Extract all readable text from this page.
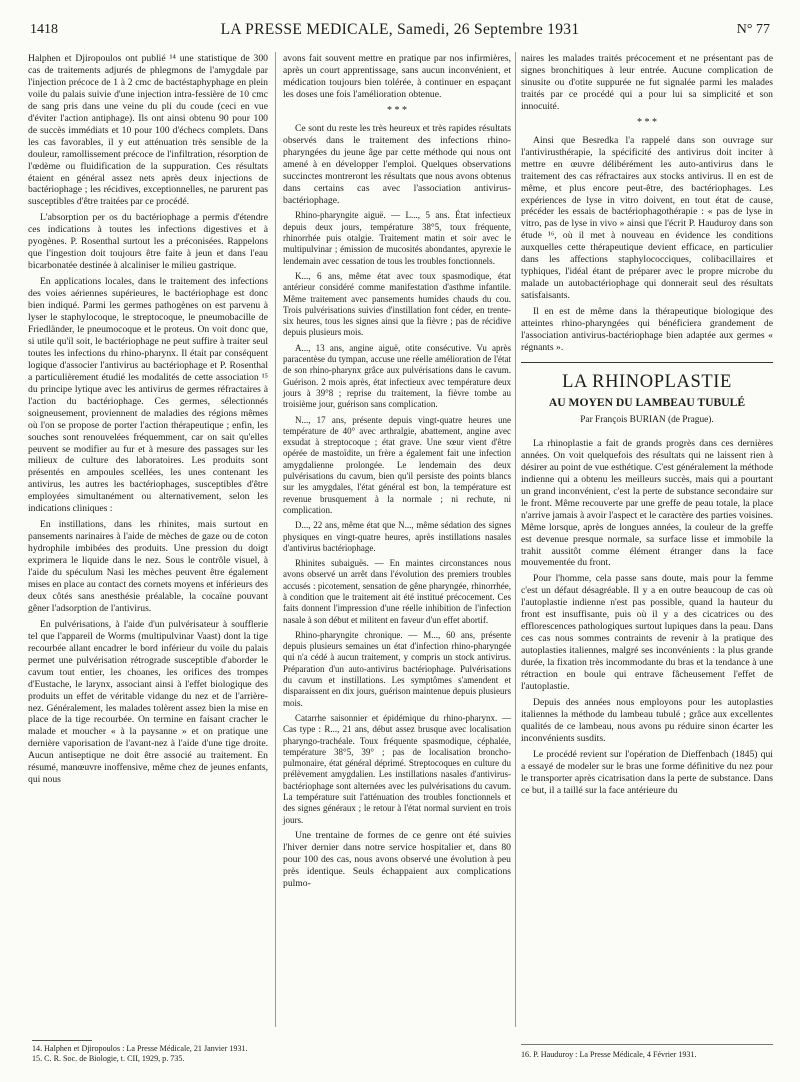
1418	LA PRESSE MEDICALE, Samedi, 26 Septembre 1931	N° 77

Halphen et Djiropoulos ont publié ¹⁴ une statistique de 300 cas de traitements adjurés de phlegmons de l'amygdale par l'injection précoce de 1 à 2 cmc de bactéstaphyphage en plein voile du palais suivie d'une injection intra-fessière de 10 cmc de sang pris dans une veine du pli du coude (ceci en vue d'éviter l'action antiphage). Ils ont ainsi obtenu 90 pour 100 de succès immédiats et 10 pour 100 d'échecs complets. Dans les cas favorables, il y eut atténuation très sensible de la douleur, ramollissement précoce de l'infiltration, résorption de l'œdème ou fluidification de la suppuration. Ces résultats étaient en général assez nets après deux injections de bactériophage ; les récidives, exceptionnelles, ne parurent pas susceptibles d'être traitées par ce procédé.

L'absorption per os du bactériophage a permis d'étendre ces indications à toutes les infections digestives et à pyogènes. P. Rosenthal surtout les a préconisées. Rappelons que l'ingestion doit toujours être faite à jeun et dans l'eau bicarbonatée destinée à alcaliniser le milieu gastrique.

En applications locales, dans le traitement des infections des voies aériennes supérieures, le bactériophage est donc bien indiqué. Parmi les germes pathogènes on est parvenu à lyser le staphylocoque, le streptocoque, le pneumobacille de Friedländer, le pneumocoque et le proteus. On voit donc que, si utile qu'il soit, le bactériophage ne peut suffire à traiter seul toutes les infections du rhino-pharynx. Il était par conséquent logique d'associer l'antivirus au bactériophage et P. Rosenthal a particulièrement étudié les modalités de cette association ¹⁵ du principe lytique avec les antivirus de germes réfractaires à l'action du bactériophage. Ces germes, sélectionnés soigneusement, proviennent de maladies des régions mêmes où l'on se propose de porter l'action thérapeutique ; enfin, les souches sont renouvelées fréquemment, car on sait qu'elles peuvent se modifier au fur et à mesure des passages sur les milieux de culture des laboratoires. Les produits sont présentés en ampoules scellées, les unes contenant les antivirus, les autres les bactériophages, susceptibles d'être employées simultanément ou alternativement, selon les indications cliniques :

En instillations, dans les rhinites, mais surtout en pansements narinaires à l'aide de mèches de gaze ou de coton hydrophile imbibées des produits. Une pression du doigt exprimera le liquide dans le nez. Sous le contrôle visuel, à l'aide du spéculum Nasi les mèches peuvent être également mises en place au contact des cornets moyens et inférieurs des deux côtés sans anesthésie préalable, la cocaïne pouvant gêner l'adsorption de l'antivirus.

En pulvérisations, à l'aide d'un pulvérisateur à soufflerie tel que l'appareil de Worms (multipulvinar Vaast) dont la tige recourbée allant encadrer le bord inférieur du voile du palais permet une pulvérisation rétrograde susceptible d'aborder le cavum tout entier, les choanes, les orifices des trompes d'Eustache, le larynx, associant ainsi à l'effet biologique des produits un effet de véritable vidange du nez et de l'arrière-nez. Généralement, les malades tolèrent assez bien la mise en place de la tige recourbée. On termine en faisant cracher le malade et moucher « à la paysanne » et on pratique une dernière vaporisation de l'avant-nez à l'aide d'une tige droite. Aucun antiseptique ne doit être associé au traitement. En résumé, manœuvre inoffensive, même chez de jeunes enfants, qui nous

avons fait souvent mettre en pratique par nos infirmières, après un court apprentissage, sans aucun inconvénient, et médication toujours bien tolérée, à continuer en espaçant les doses une fois l'amélioration obtenue.

* * *

Ce sont du reste les très heureux et très rapides résultats observés dans le traitement des infections rhino-pharyngées du jeune âge par cette méthode qui nous ont amené à en développer l'emploi. Quelques observations succinctes montreront les résultats que nous avons obtenus dans certains cas avec l'association antivirus-bactériophage.

Rhino-pharyngite aiguë. — L..., 5 ans. État infectieux depuis deux jours, température 38°5, toux fréquente, rhinorrhée puis otalgie. Traitement matin et soir avec le multipulvinar ; émission de mucosités abondantes, apyrexie le lendemain avec cessation de tous les troubles fonctionnels.

K..., 6 ans, même état avec toux spasmodique, état antérieur considéré comme manifestation d'asthme infantile. Même traitement avec pansements humides chauds du cou. Trois pulvérisations suivies d'instillation font céder, en trente-six heures, tous les signes ainsi que la fièvre ; pas de récidive depuis plusieurs mois.

A..., 13 ans, angine aiguë, otite consécutive. Vu après paracentèse du tympan, accuse une réelle amélioration de l'état de son rhino-pharynx grâce aux pulvérisations dans le cavum. Guérison. 2 mois après, état infectieux avec température deux jours à 39°8 ; reprise du traitement, la fièvre tombe au troisième jour, guérison sans complication.

N..., 17 ans, présente depuis vingt-quatre heures une température de 40° avec arthralgie, abattement, angine avec exsudat à streptocoque ; état grave. Une sœur vient d'être opérée de mastoïdite, un frère a également fait une infection amygdalienne prolongée. Le lendemain des deux pulvérisations du cavum, bien qu'il persiste des points blancs sur les amygdales, l'état général est bon, la température est revenue brusquement à la normale ; ni rechute, ni complication.

D..., 22 ans, même état que N..., même sédation des signes physiques en vingt-quatre heures, après instillations nasales d'antivirus bactériophage.

Rhinites subaiguës. — En maintes circonstances nous avons observé un arrêt dans l'évolution des premiers troubles accusés : picotement, sensation de gêne pharyngée, rhinorrhée, à condition que le traitement ait été institué précocement. Ces faits donnent l'impression d'une réelle inhibition de l'infection nasale à son début et militent en faveur d'un effet abortif.

Rhino-pharyngite chronique. — M..., 60 ans, présente depuis plusieurs semaines un état d'infection rhino-pharyngée qui n'a cédé à aucun traitement, y compris un stock antivirus. Préparation d'un auto-antivirus bactériophage. Pulvérisations du cavum et instillations. Les symptômes s'amendent et disparaissent en dix jours, guérison maintenue depuis plusieurs mois.

Catarrhe saisonnier et épidémique du rhino-pharynx. — Cas type : R..., 21 ans, début assez brusque avec localisation pharyngo-trachéale. Toux fréquente spasmodique, céphalée, température 38°5, 39° ; pas de localisation broncho-pulmonaire, état général déprimé. Streptocoques en culture du prélèvement amygdalien. Les instillations nasales d'antivirus-bactériophage sont alternées avec les pulvérisations du cavum. La température suit l'atténuation des troubles fonctionnels et des signes généraux ; le retour à l'état normal survient en trois jours.

Une trentaine de formes de ce genre ont été suivies l'hiver dernier dans notre service hospitalier et, dans 80 pour 100 des cas, nous avons observé une évolution à peu près identique. Seuls échappaient aux complications pulmo-

naires les malades traités précocement et ne présentant pas de signes bronchitiques à leur entrée. Aucune complication de sinusite ou d'otite suppurée ne fut signalée parmi les malades traités par ce procédé qui a pour lui sa simplicité et son innocuité.

* * *

Ainsi que Besredka l'a rappelé dans son ouvrage sur l'antivirusthérapie, la spécificité des antivirus doit inciter à mettre en œuvre délibérément les auto-antivirus dans le traitement des cas réfractaires aux stocks antivirus. Il en est de même, et plus encore peut-être, des bactériophages. Les expériences de lyse in vitro doivent, en tout état de cause, précéder les essais de bactériophagothérapie : « pas de lyse in vitro, pas de lyse in vivo » ainsi que l'écrit P. Hauduroy dans son étude ¹⁶, où il met à nouveau en évidence les conditions auxquelles cette thérapeutique devient efficace, en particulier dans les affections staphylococciques, colibacillaires et typhiques, l'idéal étant de préparer avec le propre microbe du malade un autobactériophage qui donnerait seul des résultats satisfaisants.

Il en est de même dans la thérapeutique biologique des atteintes rhino-pharyngées qui bénéficiera grandement de l'association antivirus-bactériophage bien adaptée aux germes « régnants ».

LA RHINOPLASTIE
AU MOYEN DU LAMBEAU TUBULÉ
Par François BURIAN (de Prague).

La rhinoplastie a fait de grands progrès dans ces dernières années. On voit quelquefois des résultats qui ne laissent rien à désirer au point de vue esthétique. C'est généralement la méthode indienne qui a obtenu les meilleurs succès, mais qui a pourtant un grand inconvénient, c'est la perte de substance secondaire sur le front. Même recouverte par une greffe de peau totale, la place n'arrive jamais à avoir l'aspect et le caractère des parties voisines. Même lorsque, après de longues années, la couleur de la greffe est devenue presque normale, sa surface lisse et immobile la trahit aussitôt comme élément étranger dans la face mouvementée du front.

Pour l'homme, cela passe sans doute, mais pour la femme c'est un défaut désagréable. Il y a en outre beaucoup de cas où l'autoplastie indienne n'est pas possible, quand la hauteur du front est insuffisante, puis où il y a des cicatrices ou des efflorescences pathologiques surtout lupiques dans la peau. Dans ces cas nous sommes contraints de revenir à la pratique des autoplasties italiennes, malgré ses inconvénients : la plus grande durée, la fixation très incommodante du bras et la tendance à une rétraction en boule qui entrave fâcheusement l'effet de l'autoplastie.

Depuis des années nous employons pour les autoplasties italiennes la méthode du lambeau tubulé ; grâce aux excellentes qualités de ce lambeau, nous avons pu réduire sinon écarter les inconvénients susdits.

Le procédé revient sur l'opération de Dieffenbach (1845) qui a essayé de modeler sur le bras une forme définitive du nez pour le transporter après cicatrisation dans la perte de substance. Dans ce but, il a taillé sur la face antérieure du

14. Halphen et Djiropoulos : La Presse Médicale, 21 Janvier 1931.
15. C. R. Soc. de Biologie, t. CII, 1929, p. 735.	16. P. Hauduroy : La Presse Médicale, 4 Février 1931.
